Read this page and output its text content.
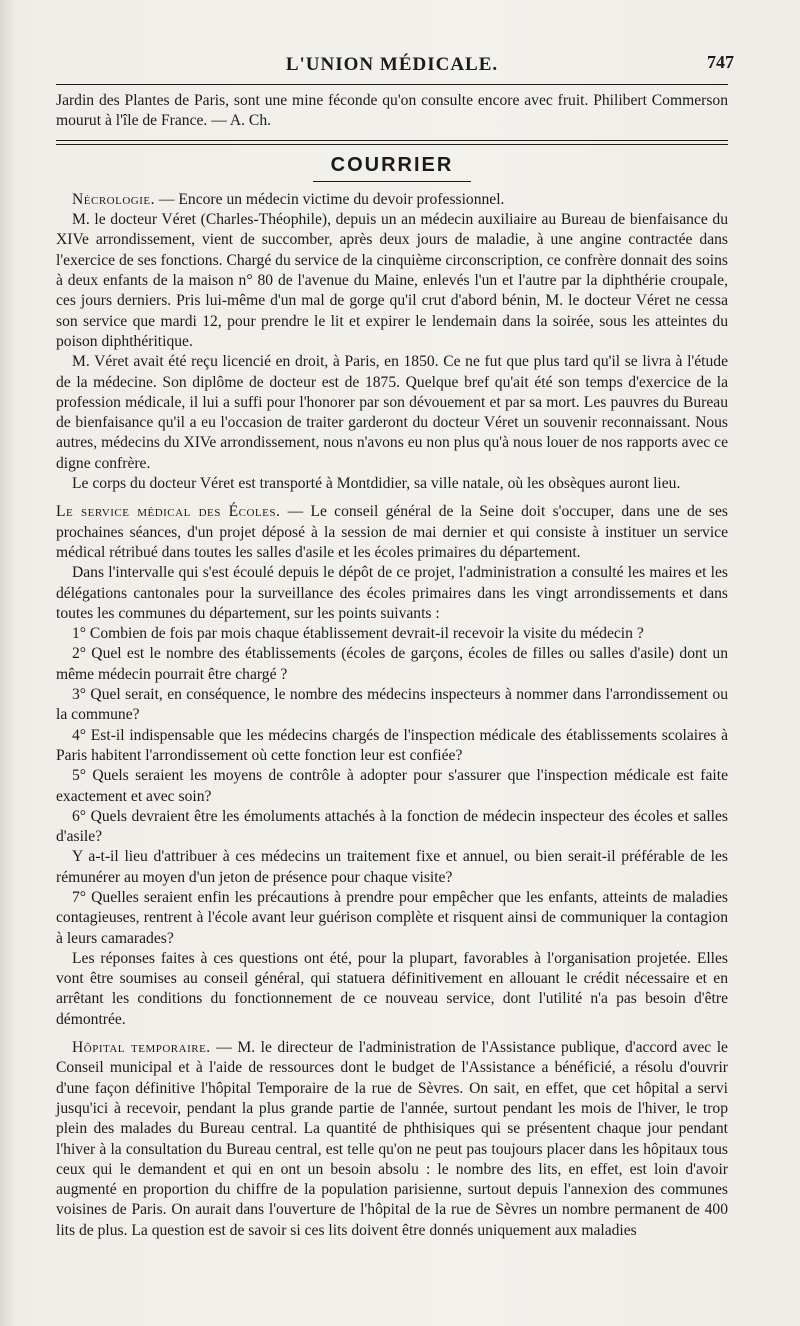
L'UNION MÉDICALE.	747

Jardin des Plantes de Paris, sont une mine féconde qu'on consulte encore avec fruit. Philibert Commerson mourut à l'île de France. — A. Ch.

COURRIER

Nécrologie. — Encore un médecin victime du devoir professionnel.

M. le docteur Véret (Charles-Théophile), depuis un an médecin auxiliaire au Bureau de bienfaisance du XIVe arrondissement, vient de succomber, après deux jours de maladie, à une angine contractée dans l'exercice de ses fonctions. Chargé du service de la cinquième circonscription, ce confrère donnait des soins à deux enfants de la maison n° 80 de l'avenue du Maine, enlevés l'un et l'autre par la diphthérie croupale, ces jours derniers. Pris lui-même d'un mal de gorge qu'il crut d'abord bénin, M. le docteur Véret ne cessa son service que mardi 12, pour prendre le lit et expirer le lendemain dans la soirée, sous les atteintes du poison diphthéritique.

M. Véret avait été reçu licencié en droit, à Paris, en 1850. Ce ne fut que plus tard qu'il se livra à l'étude de la médecine. Son diplôme de docteur est de 1875. Quelque bref qu'ait été son temps d'exercice de la profession médicale, il lui a suffi pour l'honorer par son dévouement et par sa mort. Les pauvres du Bureau de bienfaisance qu'il a eu l'occasion de traiter garderont du docteur Véret un souvenir reconnaissant. Nous autres, médecins du XIVe arrondissement, nous n'avons eu non plus qu'à nous louer de nos rapports avec ce digne confrère.

Le corps du docteur Véret est transporté à Montdidier, sa ville natale, où les obsèques auront lieu.

Le service médical des Écoles. — Le conseil général de la Seine doit s'occuper, dans une de ses prochaines séances, d'un projet déposé à la session de mai dernier et qui consiste à instituer un service médical rétribué dans toutes les salles d'asile et les écoles primaires du département.

Dans l'intervalle qui s'est écoulé depuis le dépôt de ce projet, l'administration a consulté les maires et les délégations cantonales pour la surveillance des écoles primaires dans les vingt arrondissements et dans toutes les communes du département, sur les points suivants :

1° Combien de fois par mois chaque établissement devrait-il recevoir la visite du médecin ?

2° Quel est le nombre des établissements (écoles de garçons, écoles de filles ou salles d'asile) dont un même médecin pourrait être chargé ?

3° Quel serait, en conséquence, le nombre des médecins inspecteurs à nommer dans l'arrondissement ou la commune?

4° Est-il indispensable que les médecins chargés de l'inspection médicale des établissements scolaires à Paris habitent l'arrondissement où cette fonction leur est confiée?

5° Quels seraient les moyens de contrôle à adopter pour s'assurer que l'inspection médicale est faite exactement et avec soin?

6° Quels devraient être les émoluments attachés à la fonction de médecin inspecteur des écoles et salles d'asile?

Y a-t-il lieu d'attribuer à ces médecins un traitement fixe et annuel, ou bien serait-il préférable de les rémunérer au moyen d'un jeton de présence pour chaque visite?

7° Quelles seraient enfin les précautions à prendre pour empêcher que les enfants, atteints de maladies contagieuses, rentrent à l'école avant leur guérison complète et risquent ainsi de communiquer la contagion à leurs camarades?

Les réponses faites à ces questions ont été, pour la plupart, favorables à l'organisation projetée. Elles vont être soumises au conseil général, qui statuera définitivement en allouant le crédit nécessaire et en arrêtant les conditions du fonctionnement de ce nouveau service, dont l'utilité n'a pas besoin d'être démontrée.

Hôpital temporaire. — M. le directeur de l'administration de l'Assistance publique, d'accord avec le Conseil municipal et à l'aide de ressources dont le budget de l'Assistance a bénéficié, a résolu d'ouvrir d'une façon définitive l'hôpital Temporaire de la rue de Sèvres. On sait, en effet, que cet hôpital a servi jusqu'ici à recevoir, pendant la plus grande partie de l'année, surtout pendant les mois de l'hiver, le trop plein des malades du Bureau central. La quantité de phthisiques qui se présentent chaque jour pendant l'hiver à la consultation du Bureau central, est telle qu'on ne peut pas toujours placer dans les hôpitaux tous ceux qui le demandent et qui en ont un besoin absolu : le nombre des lits, en effet, est loin d'avoir augmenté en proportion du chiffre de la population parisienne, surtout depuis l'annexion des communes voisines de Paris. On aurait dans l'ouverture de l'hôpital de la rue de Sèvres un nombre permanent de 400 lits de plus. La question est de savoir si ces lits doivent être donnés uniquement aux maladies
